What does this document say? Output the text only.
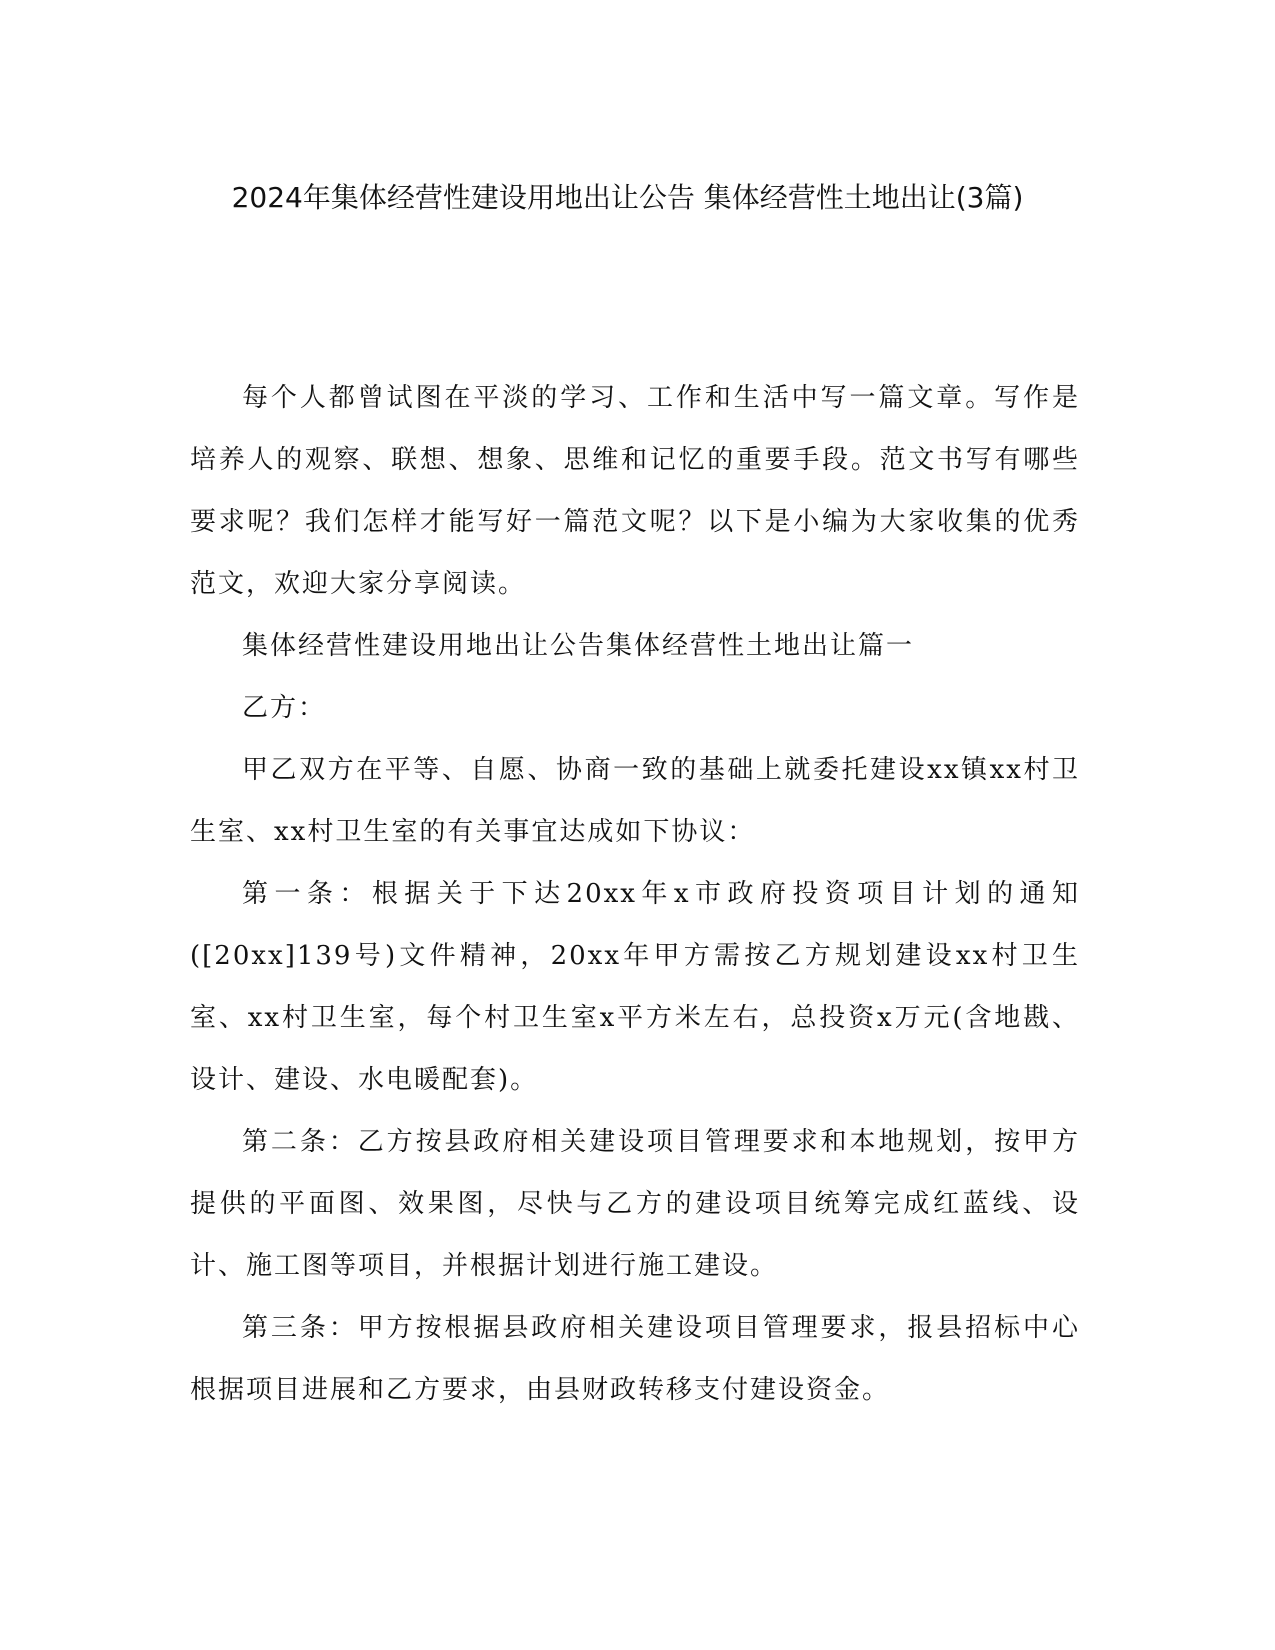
2024年集体经营性建设用地出让公告 集体经营性土地出让(3篇)

每个人都曾试图在平淡的学习、工作和生活中写一篇文章。写作是培养人的观察、联想、想象、思维和记忆的重要手段。范文书写有哪些要求呢？我们怎样才能写好一篇范文呢？以下是小编为大家收集的优秀范文，欢迎大家分享阅读。

集体经营性建设用地出让公告集体经营性土地出让篇一

乙方：

甲乙双方在平等、自愿、协商一致的基础上就委托建设xx镇xx村卫生室、xx村卫生室的有关事宜达成如下协议：

第一条：根据关于下达20xx年x市政府投资项目计划的通知([20xx]139号)文件精神，20xx年甲方需按乙方规划建设xx村卫生室、xx村卫生室，每个村卫生室x平方米左右，总投资x万元(含地戡、设计、建设、水电暖配套)。

第二条：乙方按县政府相关建设项目管理要求和本地规划，按甲方提供的平面图、效果图，尽快与乙方的建设项目统筹完成红蓝线、设计、施工图等项目，并根据计划进行施工建设。

第三条：甲方按根据县政府相关建设项目管理要求，报县招标中心根据项目进展和乙方要求，由县财政转移支付建设资金。
